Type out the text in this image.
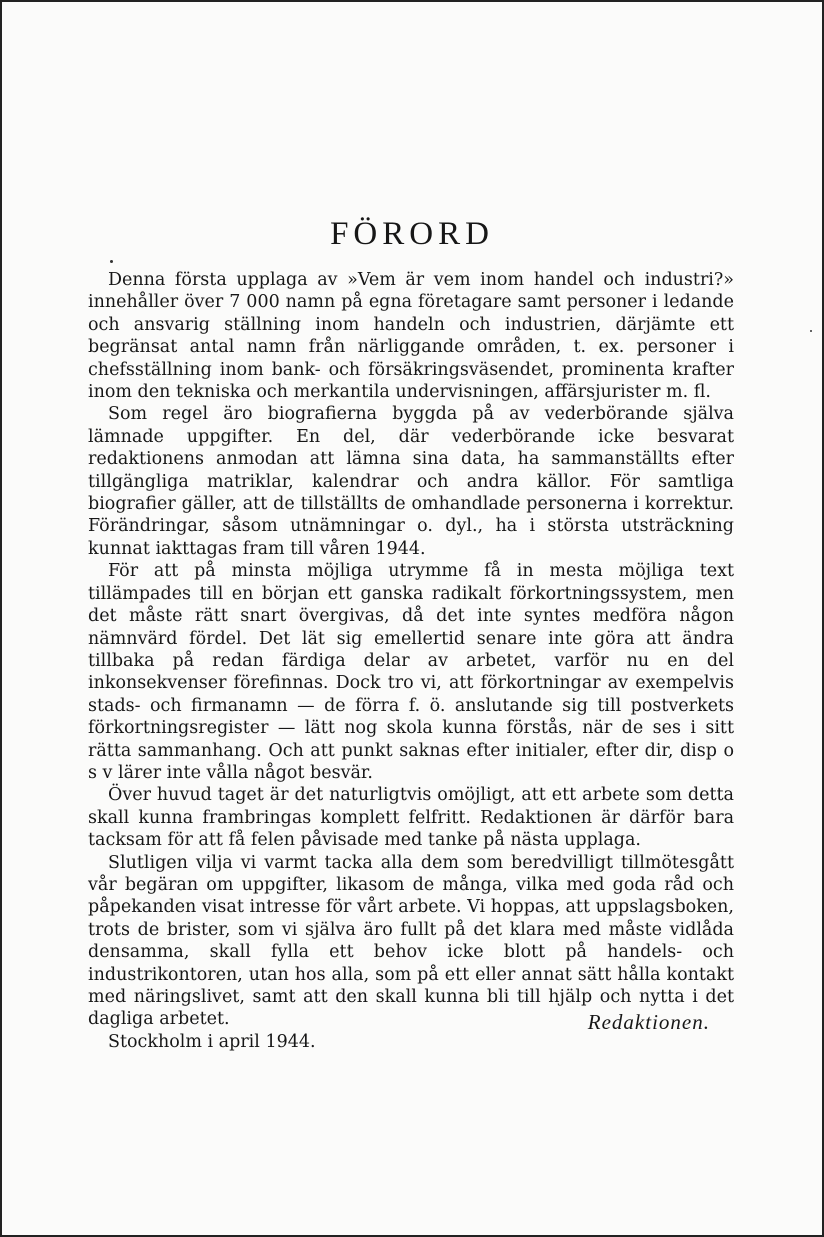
FÖRORD

Denna första upplaga av »Vem är vem inom handel och industri?» innehåller över 7 000 namn på egna företagare samt personer i ledande och ansvarig ställning inom handeln och industrien, därjämte ett begränsat antal namn från närliggande områden, t. ex. personer i chefsställning inom bank- och försäkringsväsendet, prominenta krafter inom den tekniska och merkantila undervisningen, affärsjurister m. fl.

Som regel äro biografierna byggda på av vederbörande själva lämnade uppgifter. En del, där vederbörande icke besvarat redaktionens anmodan att lämna sina data, ha sammanställts efter tillgängliga matriklar, kalendrar och andra källor. För samtliga biografier gäller, att de tillställts de omhandlade personerna i korrektur. Förändringar, såsom utnämningar o. dyl., ha i största utsträckning kunnat iakttagas fram till våren 1944.

För att på minsta möjliga utrymme få in mesta möjliga text tillämpades till en början ett ganska radikalt förkortningssystem, men det måste rätt snart övergivas, då det inte syntes medföra någon nämnvärd fördel. Det lät sig emellertid senare inte göra att ändra tillbaka på redan färdiga delar av arbetet, varför nu en del inkonsekvenser förefinnas. Dock tro vi, att förkortningar av exempelvis stads- och firmanamn — de förra f. ö. anslutande sig till postverkets förkortningsregister — lätt nog skola kunna förstås, när de ses i sitt rätta sammanhang. Och att punkt saknas efter initialer, efter dir, disp o s v lärer inte vålla något besvär.

Över huvud taget är det naturligtvis omöjligt, att ett arbete som detta skall kunna frambringas komplett felfritt. Redaktionen är därför bara tacksam för att få felen påvisade med tanke på nästa upplaga.

Slutligen vilja vi varmt tacka alla dem som beredvilligt tillmötesgått vår begäran om uppgifter, likasom de många, vilka med goda råd och påpekanden visat intresse för vårt arbete. Vi hoppas, att uppslagsboken, trots de brister, som vi själva äro fullt på det klara med måste vidlåda densamma, skall fylla ett behov icke blott på handels- och industrikontoren, utan hos alla, som på ett eller annat sätt hålla kontakt med näringslivet, samt att den skall kunna bli till hjälp och nytta i det dagliga arbetet.

Stockholm i april 1944.

Redaktionen.
